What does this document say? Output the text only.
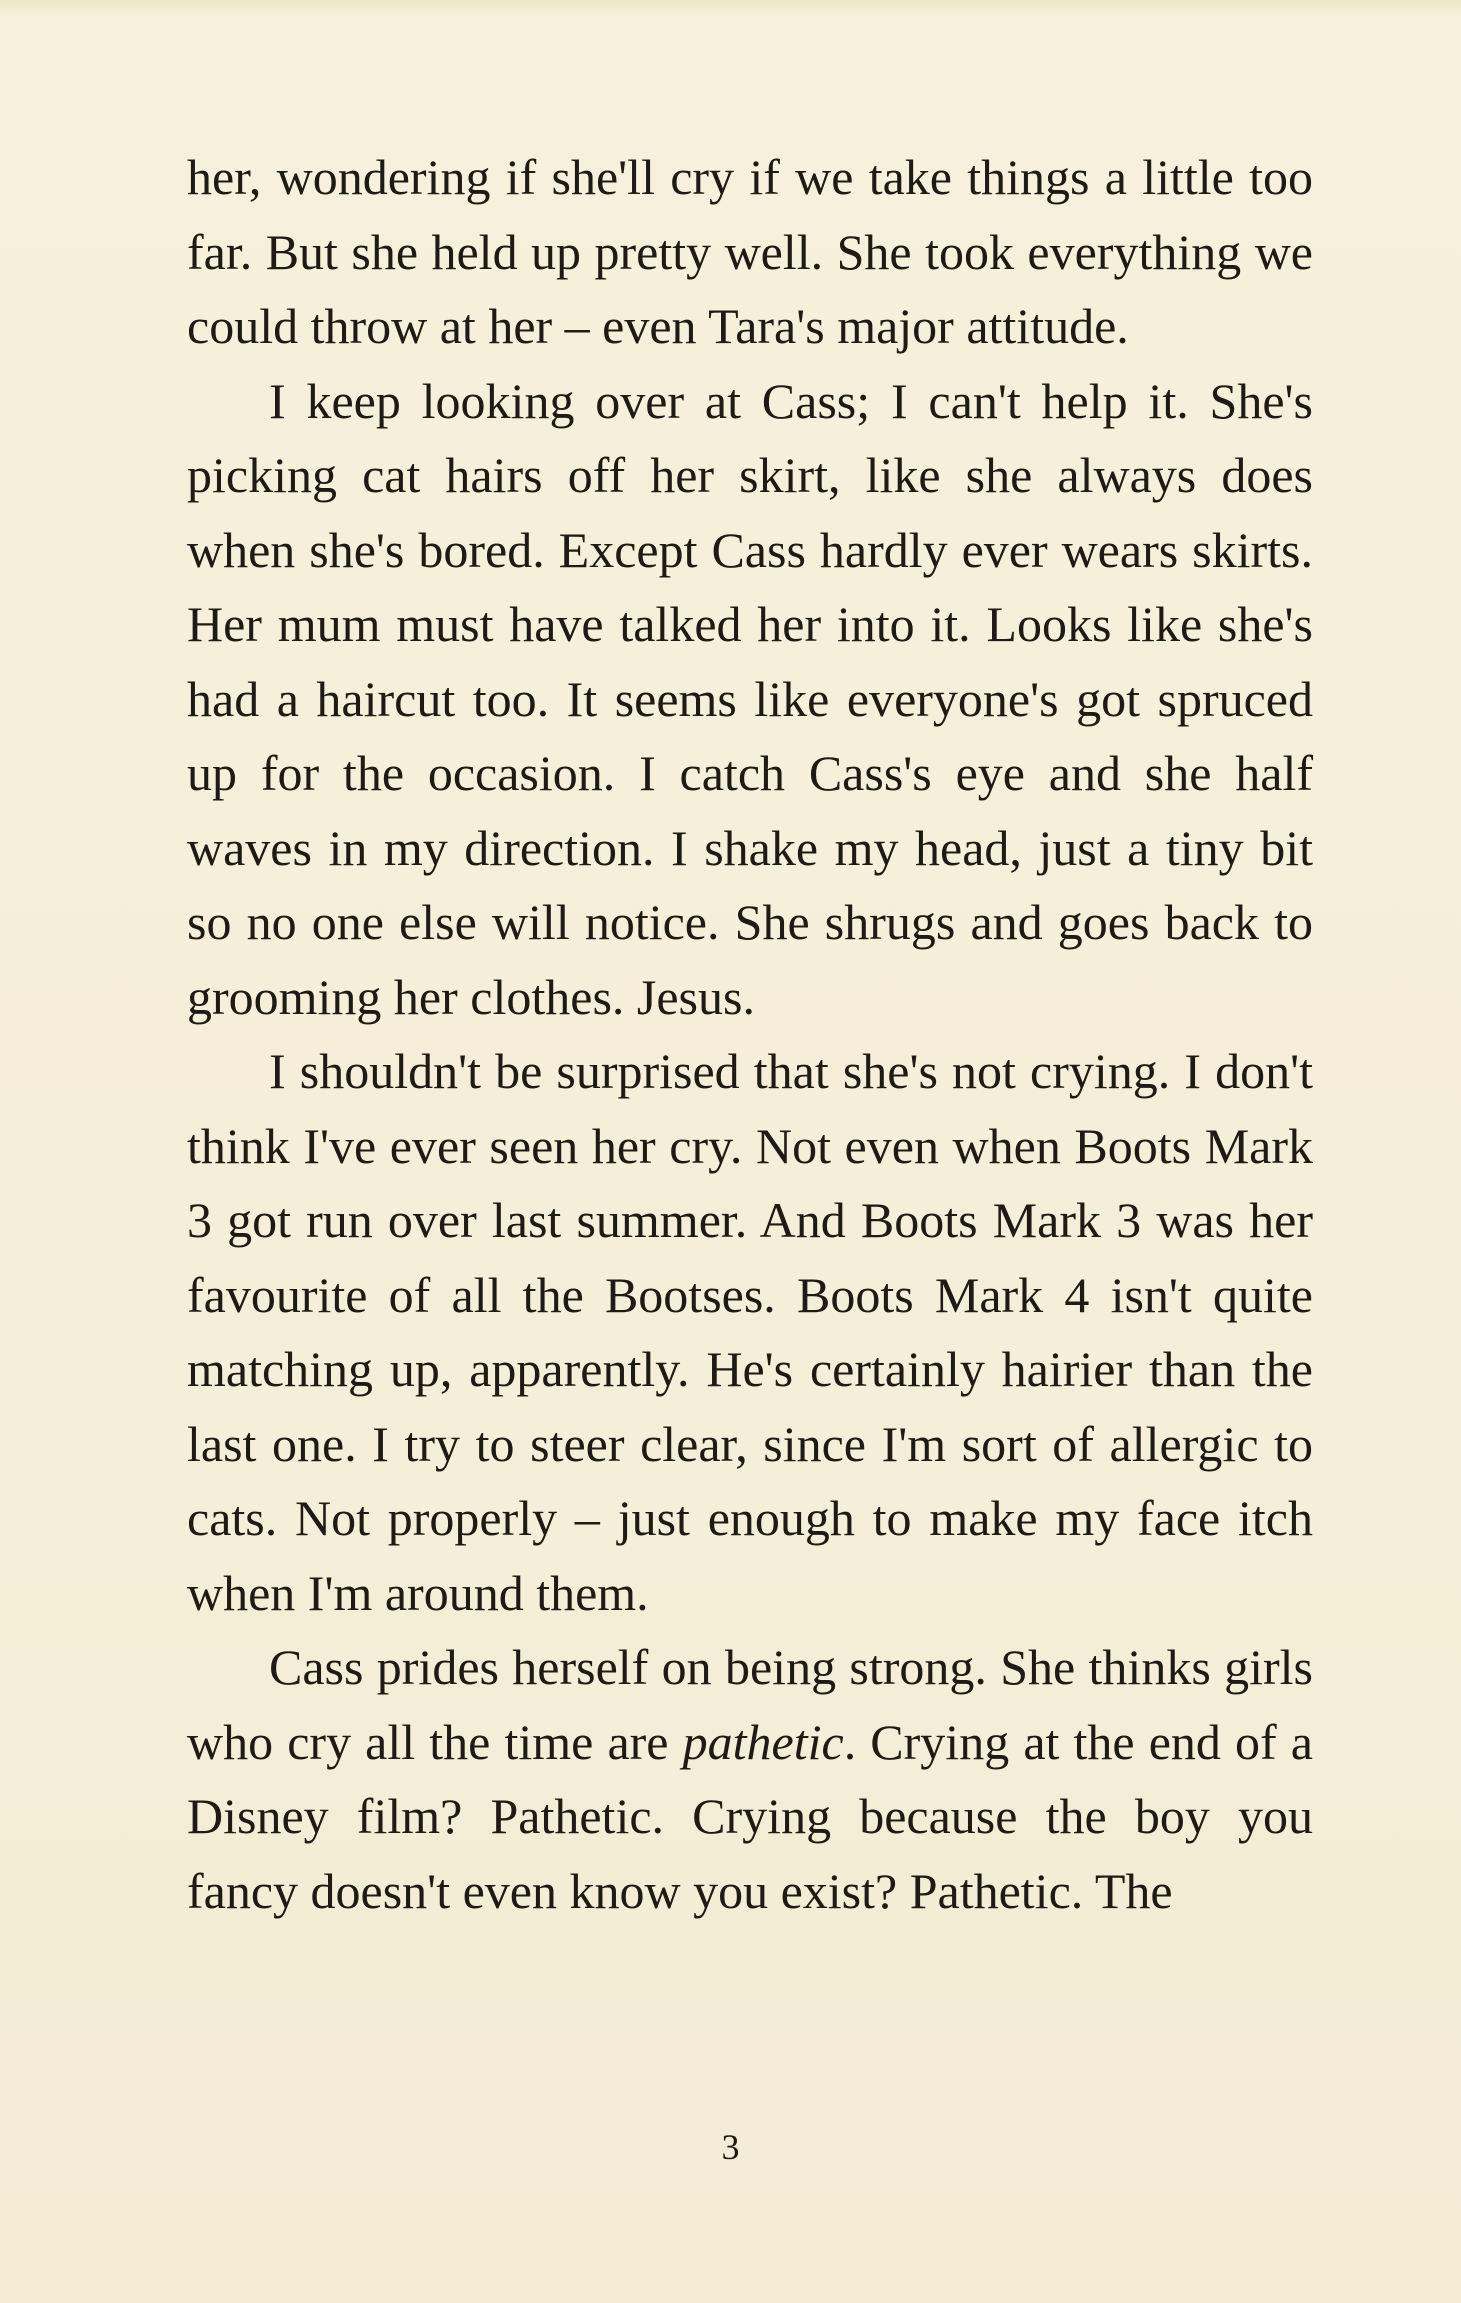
her, wondering if she'll cry if we take things a little too far. But she held up pretty well. She took everything we could throw at her – even Tara's major attitude.

I keep looking over at Cass; I can't help it. She's picking cat hairs off her skirt, like she always does when she's bored. Except Cass hardly ever wears skirts. Her mum must have talked her into it. Looks like she's had a haircut too. It seems like everyone's got spruced up for the occasion. I catch Cass's eye and she half waves in my direction. I shake my head, just a tiny bit so no one else will notice. She shrugs and goes back to grooming her clothes. Jesus.

I shouldn't be surprised that she's not crying. I don't think I've ever seen her cry. Not even when Boots Mark 3 got run over last summer. And Boots Mark 3 was her favourite of all the Bootses. Boots Mark 4 isn't quite matching up, apparently. He's certainly hairier than the last one. I try to steer clear, since I'm sort of allergic to cats. Not properly – just enough to make my face itch when I'm around them.

Cass prides herself on being strong. She thinks girls who cry all the time are pathetic. Crying at the end of a Disney film? Pathetic. Crying because the boy you fancy doesn't even know you exist? Pathetic. The

3
